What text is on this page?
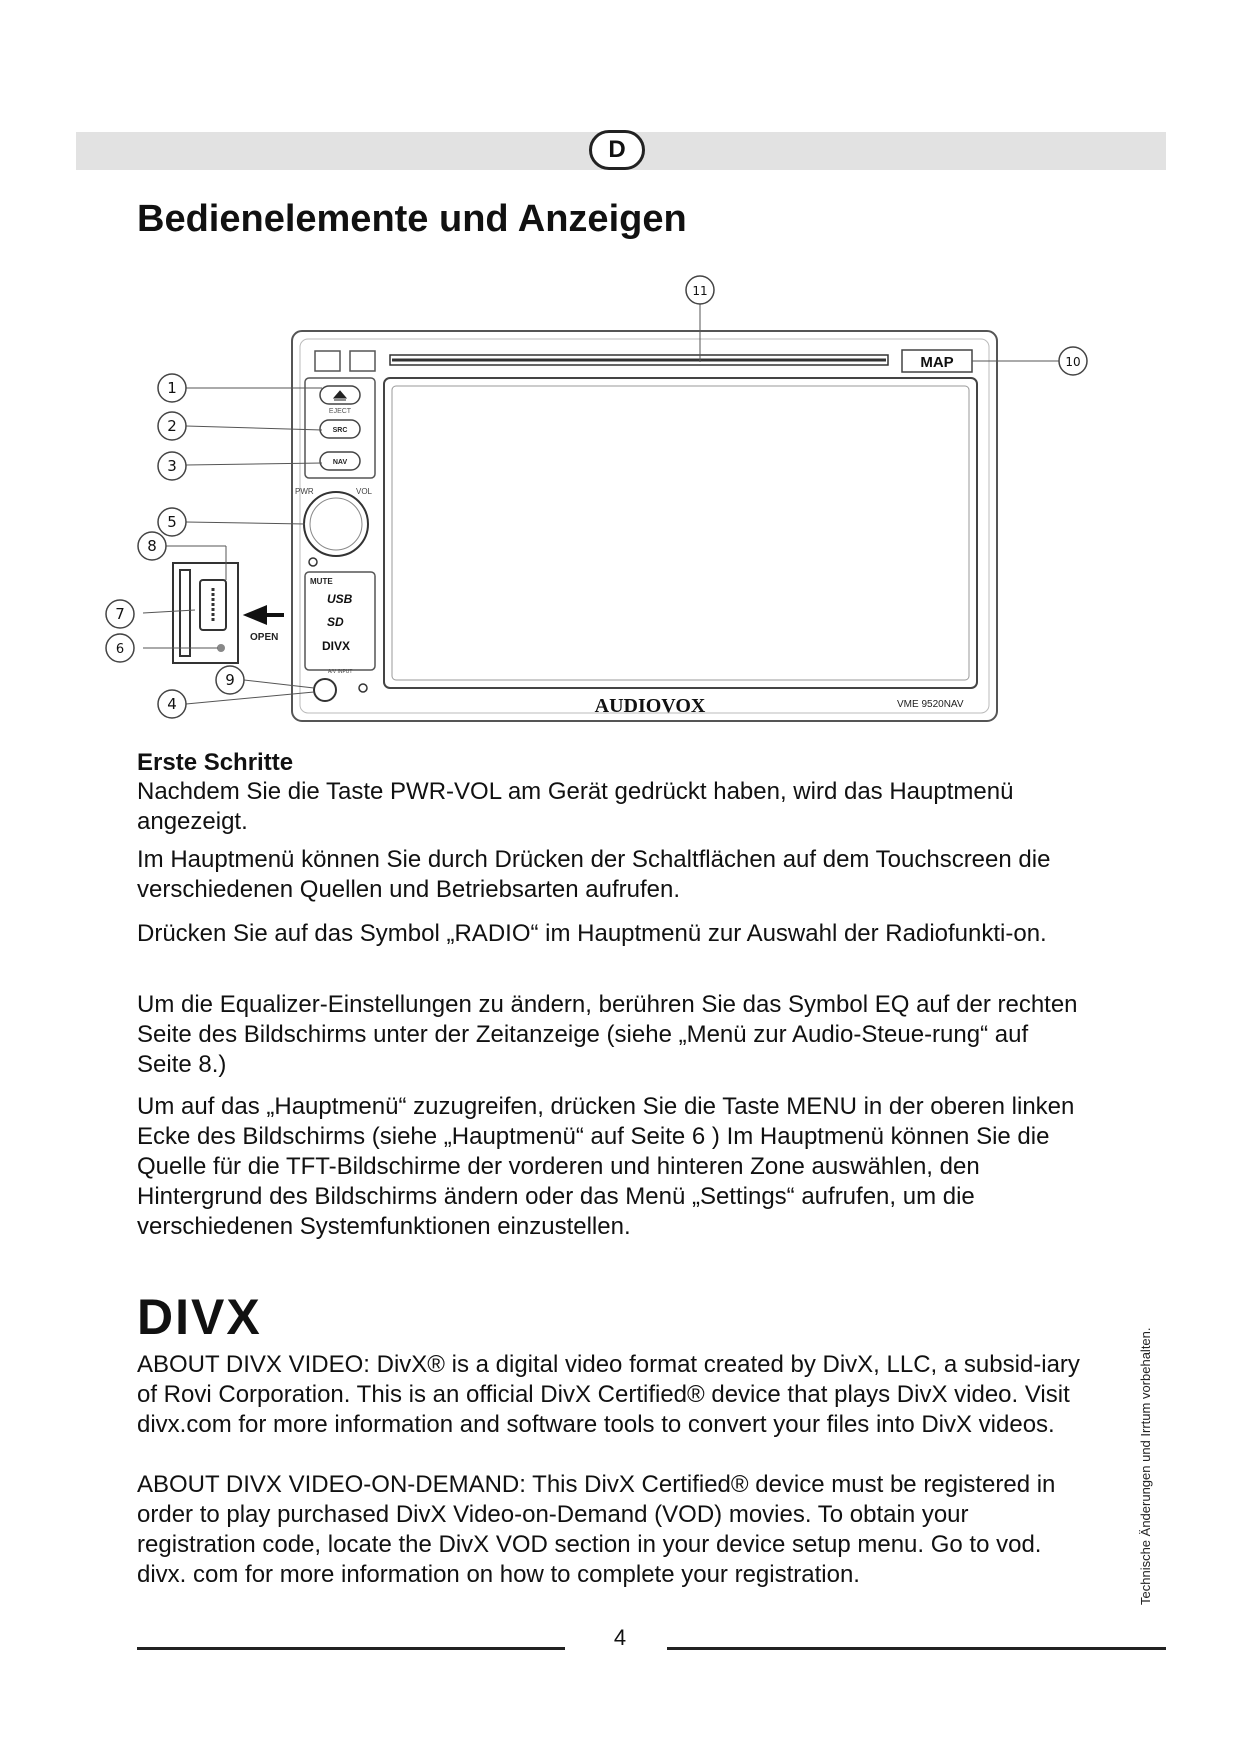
D
Bedienelemente und Anzeigen
MAP
EJECT
SRC
NAV
PWR	VOL
MUTE
USB
SD
DIVX
OPEN
A/V INPUT
AUDIOVOX	VME 9520NAV
11
10
1
2
3
5
8
7
6
9
4
Erste Schritte

Nachdem Sie die Taste PWR-VOL am Gerät gedrückt haben, wird das Hauptmenü angezeigt.

Im Hauptmenü können Sie durch Drücken der Schaltflächen auf dem Touchscreen die verschiedenen Quellen und Betriebsarten aufrufen.

Drücken Sie auf das Symbol „RADIO“ im Hauptmenü zur Auswahl der Radiofunkti-on.

Um die Equalizer-Einstellungen zu ändern, berühren Sie das Symbol EQ auf der rechten Seite des Bildschirms unter der Zeitanzeige (siehe „Menü zur Audio-Steue-rung“ auf Seite 8.)

Um auf das „Hauptmenü“ zuzugreifen, drücken Sie die Taste MENU in der oberen linken Ecke des Bildschirms (siehe „Hauptmenü“ auf Seite 6 ) Im Hauptmenü können Sie die Quelle für die TFT-Bildschirme der vorderen und hinteren Zone auswählen, den Hintergrund des Bildschirms ändern oder das Menü „Settings“ aufrufen, um die verschiedenen Systemfunktionen einzustellen.

DIVX

ABOUT DIVX VIDEO: DivX® is a digital video format created by DivX, LLC, a subsid-iary of Rovi Corporation. This is an official DivX Certified® device that plays DivX video. Visit divx.com for more information and software tools to convert your files into DivX videos.

ABOUT DIVX VIDEO-ON-DEMAND: This DivX Certified® device must be registered in order to play purchased DivX Video-on-Demand (VOD) movies. To obtain your registration code, locate the DivX VOD section in your device setup menu. Go to vod. divx. com for more information on how to complete your registration.	Technische Änderungen und Irrtum vorbehalten.
4
